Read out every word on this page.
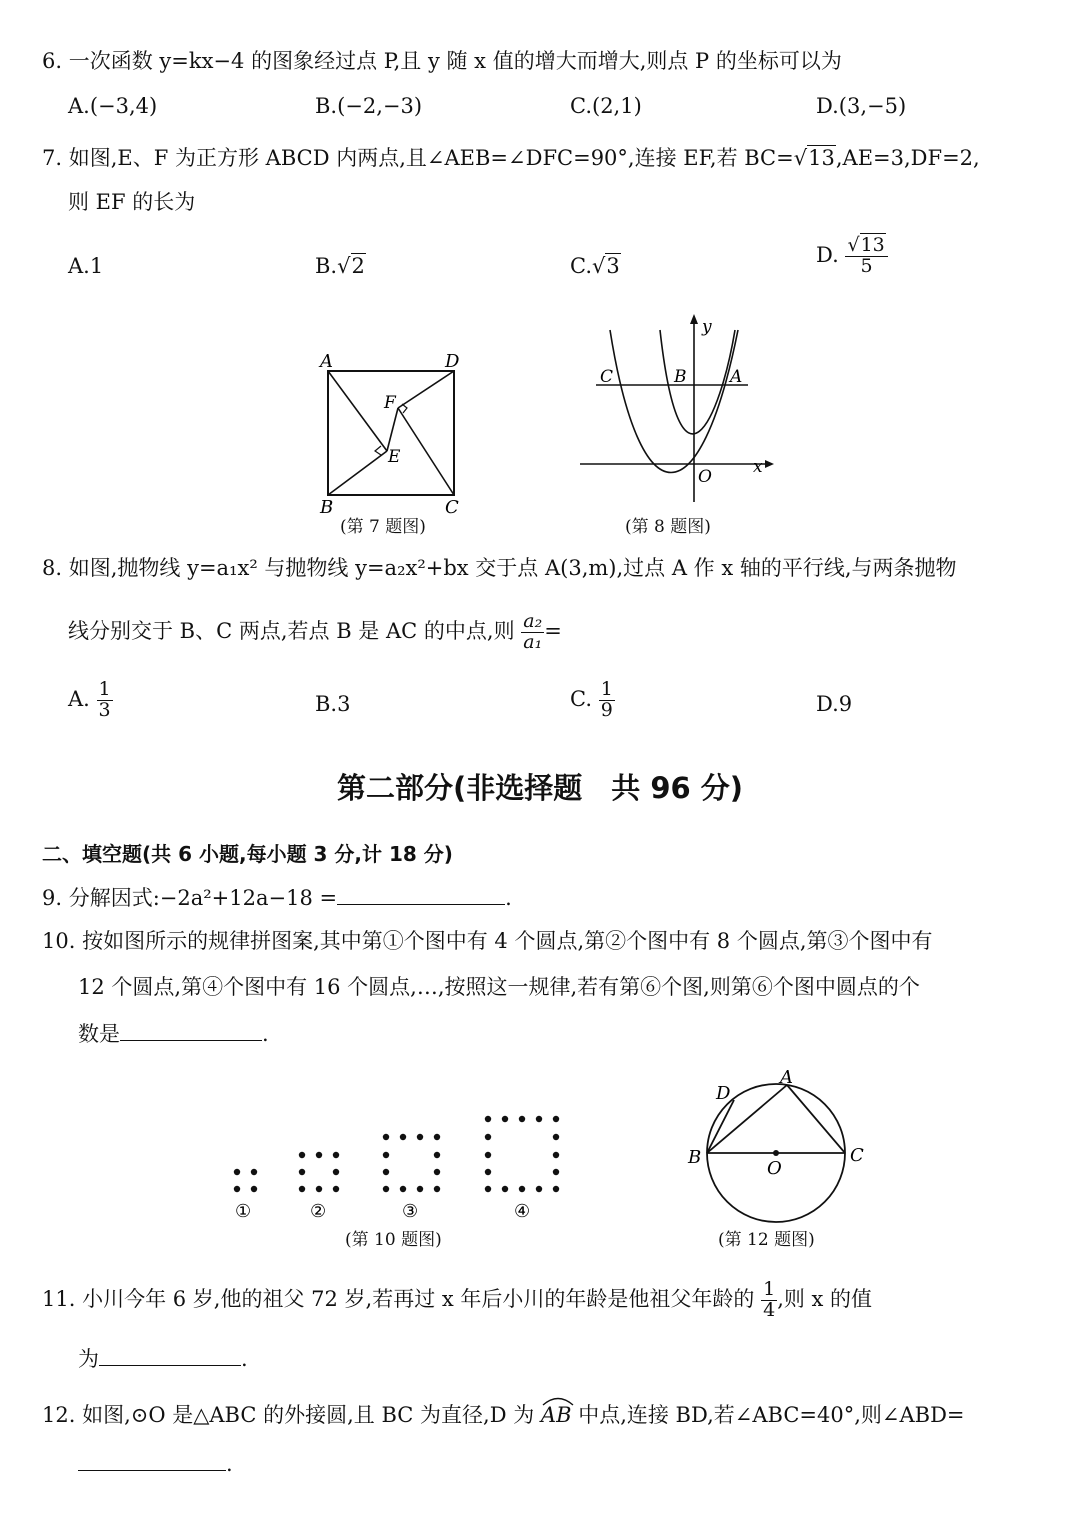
6. 一次函数 y=kx−4 的图象经过点 P,且 y 随 x 值的增大而增大,则点 P 的坐标可以为
A.(−3,4)	B.(−2,−3)	C.(2,1)	D.(3,−5)
7. 如图,E、F 为正方形 ABCD 内两点,且∠AEB=∠DFC=90°,连接 EF,若 BC=√13,AE=3,DF=2,
则 EF 的长为
A.1	B.√2	C.√3	D. $\frac{√13}{5}$
A	D
B	C
F
E
(第 7 题图)
y
x
O
C	B	A
(第 8 题图)
8. 如图,抛物线 y=a₁x² 与抛物线 y=a₂x²+bx 交于点 A(3,m),过点 A 作 x 轴的平行线,与两条抛物
线分别交于 B、C 两点,若点 B 是 AC 的中点,则 $\frac{\text{a₂}}{\text{a₁}}$ =
A. $\frac{1}{3}$	B.3	C. $\frac{1}{9}$	D.9
第二部分(非选择题　共 96 分)
二、填空题(共 6 小题,每小题 3 分,计 18 分)
9. 分解因式:−2a²+12a−18 =	.
10. 按如图所示的规律拼图案,其中第①个图中有 4 个圆点,第②个图中有 8 个圆点,第③个图中有
12 个圆点,第④个图中有 16 个圆点,…,按照这一规律,若有第⑥个图,则第⑥个图中圆点的个
数是	.
①	②	③	④
(第 10 题图)
A
D
B	C
O
(第 12 题图)
11. 小川今年 6 岁,他的祖父 72 岁,若再过 x 年后小川的年龄是他祖父年龄的 $\frac{1}{4}$ ,则 x 的值
为	.
12. 如图,⊙O 是△ABC 的外接圆,且 BC 为直径,D 为 AB 中点,连接 BD,若∠ABC=40°,则∠ABD=
.
